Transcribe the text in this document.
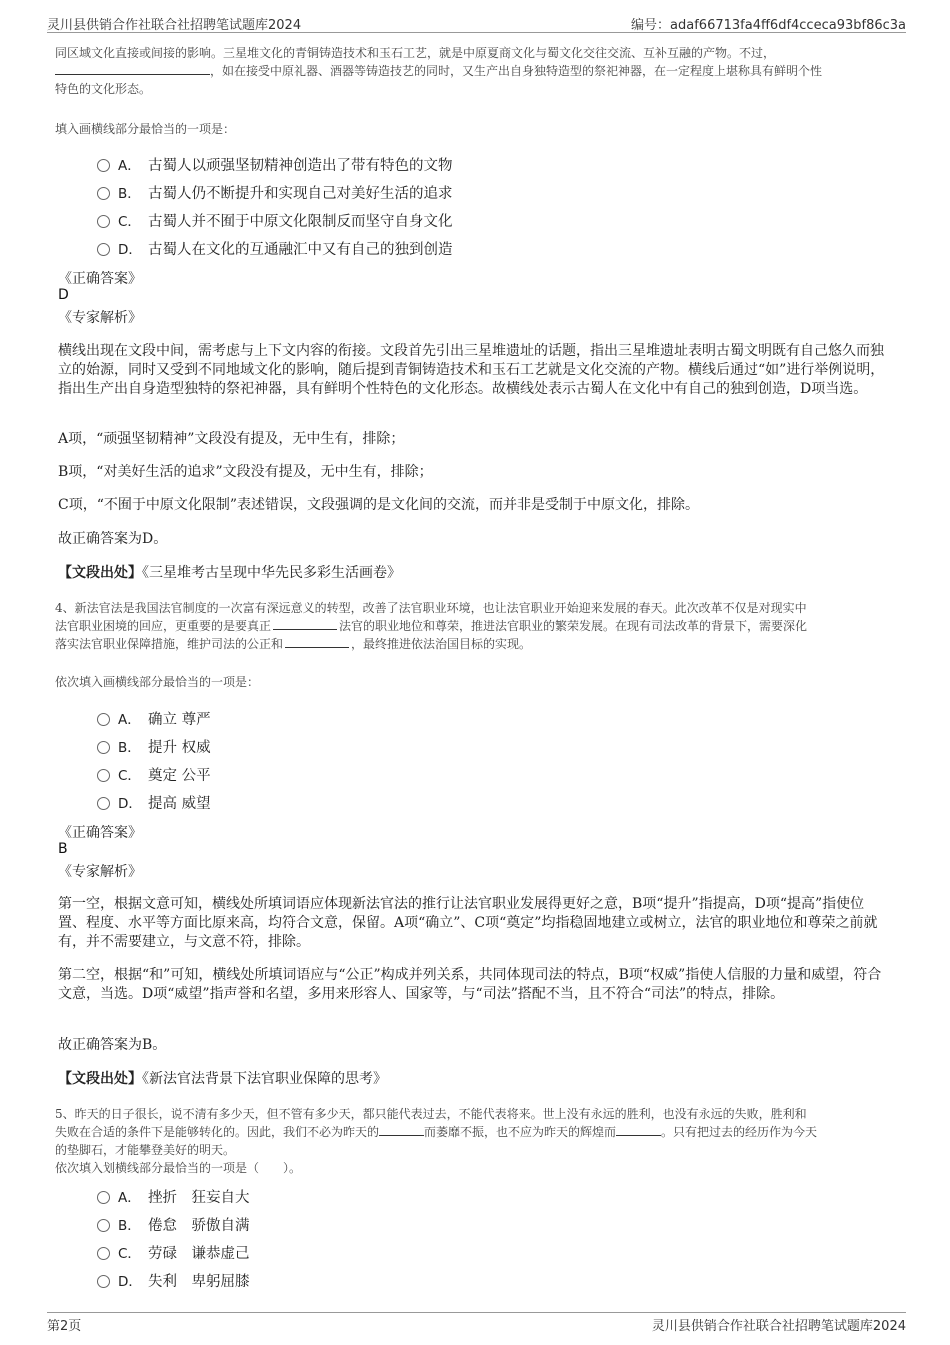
灵川县供销合作社联合社招聘笔试题库2024	编号：adaf66713fa4ff6df4cceca93bf86c3a
同区域文化直接或间接的影响。三星堆文化的青铜铸造技术和玉石工艺，就是中原夏商文化与蜀文化交往交流、互补互融的产物。不过，
，如在接受中原礼器、酒器等铸造技艺的同时，又生产出自身独特造型的祭祀神器，在一定程度上堪称具有鲜明个性
特色的文化形态。
填入画横线部分最恰当的一项是：
A． 古蜀人以顽强坚韧精神创造出了带有特色的文物
B． 古蜀人仍不断提升和实现自己对美好生活的追求
C． 古蜀人并不囿于中原文化限制反而坚守自身文化
D． 古蜀人在文化的互通融汇中又有自己的独到创造
《正确答案》
D
《专家解析》
横线出现在文段中间，需考虑与上下文内容的衔接。文段首先引出三星堆遗址的话题，指出三星堆遗址表明古蜀文明既有自己悠久而独立的始源，同时又受到不同地域文化的影响，随后提到青铜铸造技术和玉石工艺就是文化交流的产物。横线后通过“如”进行举例说明，指出生产出自身造型独特的祭祀神器，具有鲜明个性特色的文化形态。故横线处表示古蜀人在文化中有自己的独到创造，D项当选。
A项，“顽强坚韧精神”文段没有提及，无中生有，排除；
B项，“对美好生活的追求”文段没有提及，无中生有，排除；
C项，“不囿于中原文化限制”表述错误，文段强调的是文化间的交流，而并非是受制于中原文化，排除。
故正确答案为D。
【文段出处】《三星堆考古呈现中华先民多彩生活画卷》
4、新法官法是我国法官制度的一次富有深远意义的转型，改善了法官职业环境，也让法官职业开始迎来发展的春天。此次改革不仅是对现实中
法官职业困境的回应，更重要的是要真正	法官的职业地位和尊荣，推进法官职业的繁荣发展。在现有司法改革的背景下，需要深化
落实法官职业保障措施，维护司法的公正和	，最终推进依法治国目标的实现。
依次填入画横线部分最恰当的一项是：
A． 确立 尊严
B． 提升 权威
C． 奠定 公平
D． 提高 威望
《正确答案》
B
《专家解析》
第一空，根据文意可知，横线处所填词语应体现新法官法的推行让法官职业发展得更好之意，B项“提升”指提高，D项“提高”指使位置、程度、水平等方面比原来高，均符合文意，保留。A项“确立”、C项“奠定”均指稳固地建立或树立，法官的职业地位和尊荣之前就有，并不需要建立，与文意不符，排除。
第二空，根据“和”可知，横线处所填词语应与“公正”构成并列关系，共同体现司法的特点，B项“权威”指使人信服的力量和威望，符合文意，当选。D项“威望”指声誉和名望，多用来形容人、国家等，与“司法”搭配不当，且不符合“司法”的特点，排除。
故正确答案为B。
【文段出处】《新法官法背景下法官职业保障的思考》
5、昨天的日子很长，说不清有多少天，但不管有多少天，都只能代表过去，不能代表将来。世上没有永远的胜利，也没有永远的失败，胜利和
失败在合适的条件下是能够转化的。因此，我们不必为昨天的	而萎靡不振，也不应为昨天的辉煌而	。只有把过去的经历作为今天
的垫脚石，才能攀登美好的明天。
依次填入划横线部分最恰当的一项是（　　）。
A． 挫折　狂妄自大
B． 倦怠　骄傲自满
C． 劳碌　谦恭虚己
D． 失利　卑躬屈膝
第2页	灵川县供销合作社联合社招聘笔试题库2024
